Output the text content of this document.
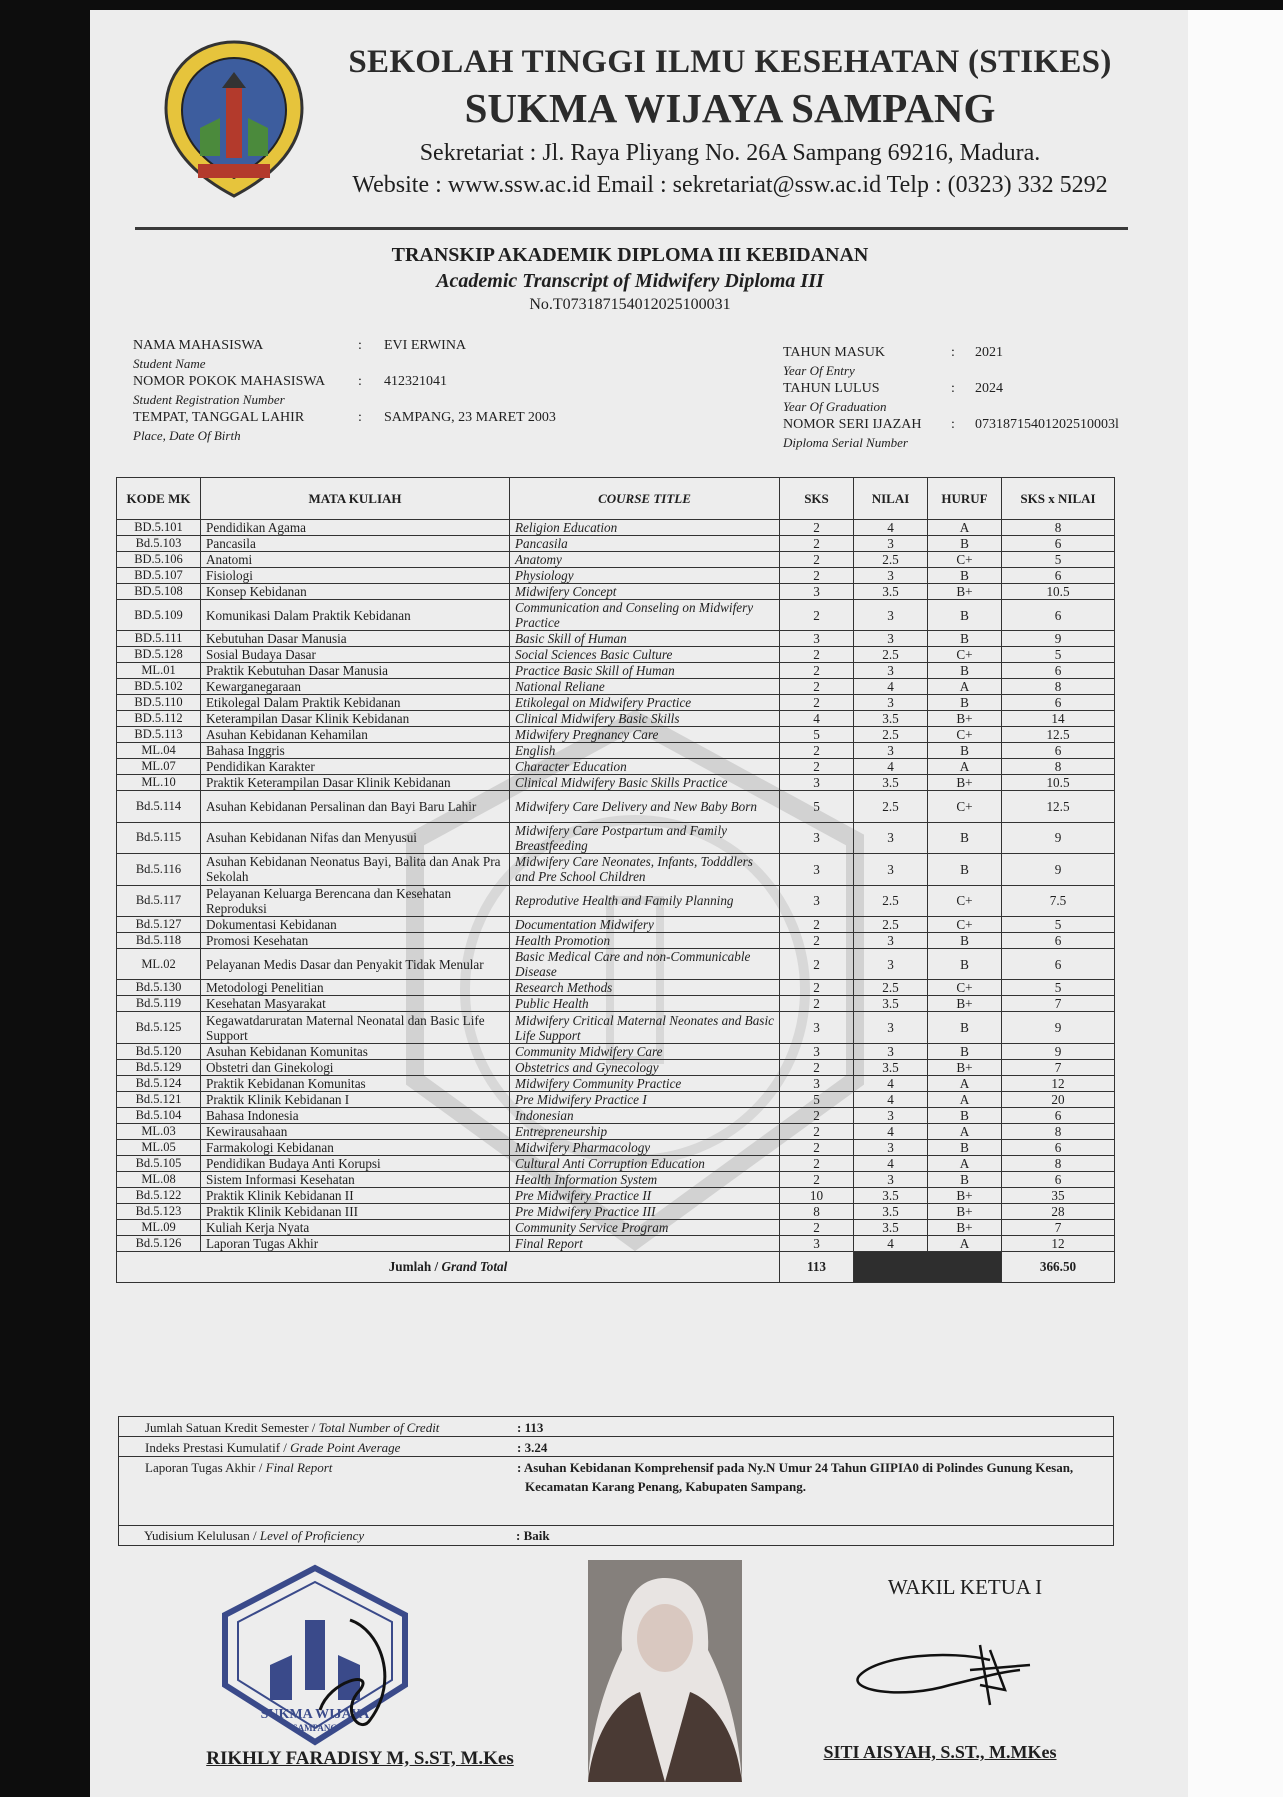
SEKOLAH TINGGI ILMU KESEHATAN (STIKES)
SUKMA WIJAYA SAMPANG
Sekretariat : Jl. Raya Pliyang No. 26A Sampang 69216, Madura.
Website : www.ssw.ac.id Email : sekretariat@ssw.ac.id Telp : (0323) 332 5292
TRANSKIP AKADEMIK DIPLOMA III KEBIDANAN
Academic Transcript of Midwifery Diploma III
No.T073187154012025100031
NAMA MAHASISWA
Student Name
: EVI ERWINA
NOMOR POKOK MAHASISWA
Student Registration Number
: 412321041
TEMPAT, TANGGAL LAHIR
Place, Date Of Birth
: SAMPANG, 23 MARET 2003
TAHUN MASUK
Year Of Entry
: 2021
TAHUN LULUS
Year Of Graduation
: 2024
NOMOR SERI IJAZAH
Diploma Serial Number
: 07318715401202510003l
KODE MK	MATA KULIAH	COURSE TITLE	SKS	NILAI	HURUF	SKS x NILAI
BD.5.101	Pendidikan Agama	Religion Education	2	4	A	8
Bd.5.103	Pancasila	Pancasila	2	3	B	6
BD.5.106	Anatomi	Anatomy	2	2.5	C+	5
BD.5.107	Fisiologi	Physiology	2	3	B	6
BD.5.108	Konsep Kebidanan	Midwifery Concept	3	3.5	B+	10.5
BD.5.109	Komunikasi Dalam Praktik Kebidanan	Communication and Conseling on Midwifery Practice	2	3	B	6
BD.5.111	Kebutuhan Dasar Manusia	Basic Skill of Human	3	3	B	9
BD.5.128	Sosial Budaya Dasar	Social Sciences Basic Culture	2	2.5	C+	5
ML.01	Praktik Kebutuhan Dasar Manusia	Practice Basic Skill of Human	2	3	B	6
BD.5.102	Kewarganegaraan	National Reliane	2	4	A	8
BD.5.110	Etikolegal Dalam Praktik Kebidanan	Etikolegal on Midwifery Practice	2	3	B	6
BD.5.112	Keterampilan Dasar Klinik Kebidanan	Clinical Midwifery Basic Skills	4	3.5	B+	14
BD.5.113	Asuhan Kebidanan Kehamilan	Midwifery Pregnancy Care	5	2.5	C+	12.5
ML.04	Bahasa Inggris	English	2	3	B	6
ML.07	Pendidikan Karakter	Character Education	2	4	A	8
ML.10	Praktik Keterampilan Dasar Klinik Kebidanan	Clinical Midwifery Basic Skills Practice	3	3.5	B+	10.5
Bd.5.114	Asuhan Kebidanan Persalinan dan Bayi Baru Lahir	Midwifery Care Delivery and New Baby Born	5	2.5	C+	12.5
Bd.5.115	Asuhan Kebidanan Nifas dan Menyusui	Midwifery Care Postpartum and Family Breastfeeding	3	3	B	9
Bd.5.116	Asuhan Kebidanan Neonatus Bayi, Balita dan Anak Pra Sekolah	Midwifery Care Neonates, Infants, Todddlers and Pre School Children	3	3	B	9
Bd.5.117	Pelayanan Keluarga Berencana dan Kesehatan Reproduksi	Reprodutive Health and Family Planning	3	2.5	C+	7.5
Bd.5.127	Dokumentasi Kebidanan	Documentation Midwifery	2	2.5	C+	5
Bd.5.118	Promosi Kesehatan	Health Promotion	2	3	B	6
ML.02	Pelayanan Medis Dasar dan Penyakit Tidak Menular	Basic Medical Care and non-Communicable Disease	2	3	B	6
Bd.5.130	Metodologi Penelitian	Research Methods	2	2.5	C+	5
Bd.5.119	Kesehatan Masyarakat	Public Health	2	3.5	B+	7
Bd.5.125	Kegawatdaruratan Maternal Neonatal dan Basic Life Support	Midwifery Critical Maternal Neonates and Basic Life Support	3	3	B	9
Bd.5.120	Asuhan Kebidanan Komunitas	Community Midwifery Care	3	3	B	9
Bd.5.129	Obstetri dan Ginekologi	Obstetrics and Gynecology	2	3.5	B+	7
Bd.5.124	Praktik Kebidanan Komunitas	Midwifery Community Practice	3	4	A	12
Bd.5.121	Praktik Klinik Kebidanan I	Pre Midwifery Practice I	5	4	A	20
Bd.5.104	Bahasa Indonesia	Indonesian	2	3	B	6
ML.03	Kewirausahaan	Entrepreneurship	2	4	A	8
ML.05	Farmakologi Kebidanan	Midwifery Pharmacology	2	3	B	6
Bd.5.105	Pendidikan Budaya Anti Korupsi	Cultural Anti Corruption Education	2	4	A	8
ML.08	Sistem Informasi Kesehatan	Health Information System	2	3	B	6
Bd.5.122	Praktik Klinik Kebidanan II	Pre Midwifery Practice II	10	3.5	B+	35
Bd.5.123	Praktik Klinik Kebidanan III	Pre Midwifery Practice III	8	3.5	B+	28
ML.09	Kuliah Kerja Nyata	Community Service Program	2	3.5	B+	7
Bd.5.126	Laporan Tugas Akhir	Final Report	3	4	A	12
Jumlah / Grand Total			113			366.50
Jumlah Satuan Kredit Semester / Total Number of Credit	: 113
Indeks Prestasi Kumulatif / Grade Point Average	: 3.24
Laporan Tugas Akhir / Final Report	: Asuhan Kebidanan Komprehensif pada Ny.N Umur 24 Tahun GIIPIA0 di Polindes Gunung Kesan,
Kecamatan Karang Penang, Kabupaten Sampang.
Yudisium Kelulusan / Level of Proficiency	: Baik
SUKMA WIJAYA
SAMPANG
RIKHLY FARADISY M, S.ST, M.Kes
WAKIL KETUA I
SITI AISYAH, S.ST., M.MKes
